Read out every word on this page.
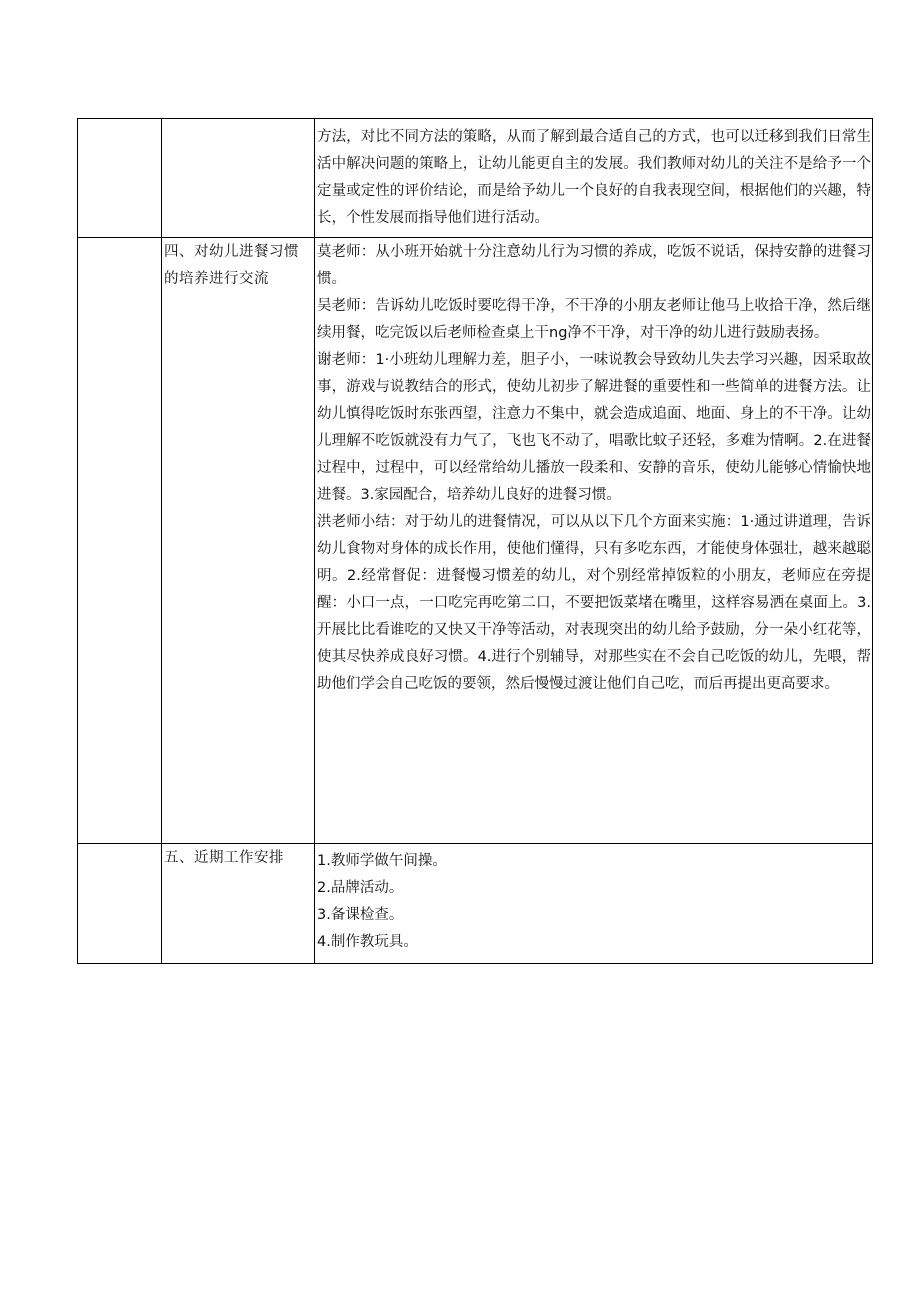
		方法，对比不同方法的策略，从而了解到最合适自己的方式，也可以迁移到我们日常生活中解决问题的策略上，让幼儿能更自主的发展。我们教师对幼儿的关注不是给予一个定量或定性的评价结论，而是给予幼儿一个良好的自我表现空间，根据他们的兴趣，特长，个性发展而指导他们进行活动。

	四、对幼儿进餐习惯的培养进行交流	莫老师：从小班开始就十分注意幼儿行为习惯的养成，吃饭不说话，保持安静的进餐习惯。

吴老师：告诉幼儿吃饭时要吃得干净，不干净的小朋友老师让他马上收拾干净，然后继续用餐，吃完饭以后老师检查桌上干ng净不干净，对干净的幼儿进行鼓励表扬。

谢老师：1·小班幼儿理解力差，胆子小，一味说教会导致幼儿失去学习兴趣，因采取故事，游戏与说教结合的形式，使幼儿初步了解进餐的重要性和一些简单的进餐方法。让幼儿慎得吃饭时东张西望，注意力不集中，就会造成追面、地面、身上的不干净。让幼儿理解不吃饭就没有力气了，飞也飞不动了，唱歌比蚊子还轻，多难为情啊。2.在进餐过程中，过程中，可以经常给幼儿播放一段柔和、安静的音乐，使幼儿能够心情愉快地进餐。3.家园配合，培养幼儿良好的进餐习惯。

洪老师小结：对于幼儿的进餐情况，可以从以下几个方面来实施：1·通过讲道理，告诉幼儿食物对身体的成长作用，使他们懂得，只有多吃东西，才能使身体强壮，越来越聪明。2.经常督促：进餐慢习惯差的幼儿，对个别经常掉饭粒的小朋友，老师应在旁提醒：小口一点，一口吃完再吃第二口，不要把饭菜堵在嘴里，这样容易洒在桌面上。3.开展比比看谁吃的又快又干净等活动，对表现突出的幼儿给予鼓励，分一朵小红花等，使其尽快养成良好习惯。4.进行个别辅导，对那些实在不会自己吃饭的幼儿，先喂，帮助他们学会自己吃饭的要领，然后慢慢过渡让他们自己吃，而后再提出更高要求。

	五、近期工作安排	1.教师学做午间操。

2.品牌活动。

3.备课检查。

4.制作教玩具。
